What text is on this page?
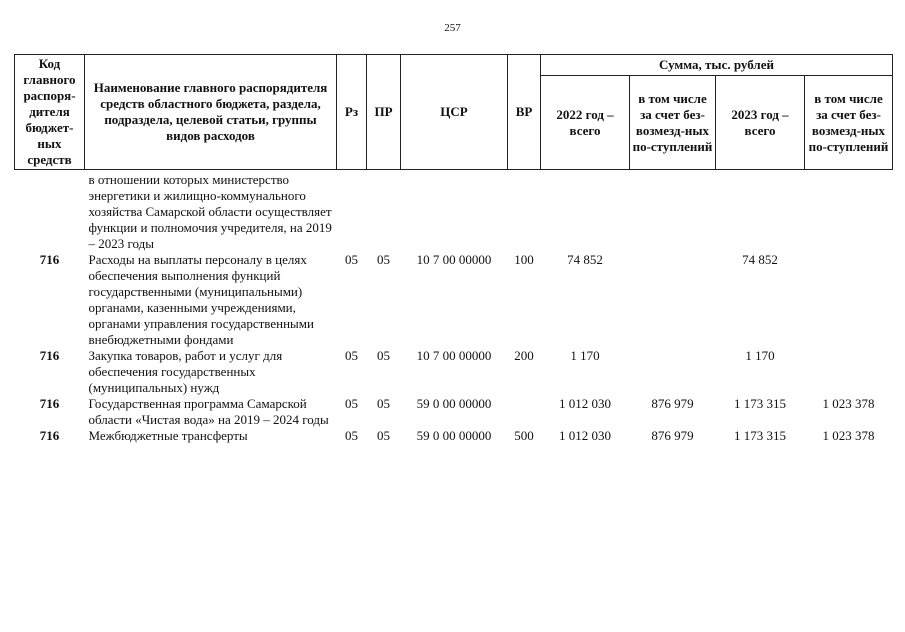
257
Код главного распоря-дителя бюджет-ных средств	Наименование главного распорядителя средств областного бюджета, раздела, подраздела, целевой статьи, группы видов расходов	Рз	ПР	ЦСР	ВР	Сумма, тыс. рублей			
						2022 год – всего	в том числе за счет без-возмезд-ных по-ступлений	2023 год – всего	в том числе за счет без-возмезд-ных по-ступлений
	в отношении которых министерство энергетики и жилищно-коммунального хозяйства Самарской области осуществляет функции и полномочия учредителя, на 2019 – 2023 годы								
716	Расходы на выплаты персоналу в целях обеспечения выполнения функций государственными (муниципальными) органами, казенными учреждениями, органами управления государственными внебюджетными фондами	05	05	10 7 00 00000	100	74 852		74 852	
716	Закупка товаров, работ и услуг для обеспечения государственных (муниципальных) нужд	05	05	10 7 00 00000	200	1 170		1 170	
716	Государственная программа Самарской области «Чистая вода» на 2019 – 2024 годы	05	05	59 0 00 00000		1 012 030	876 979	1 173 315	1 023 378
716	Межбюджетные трансферты	05	05	59 0 00 00000	500	1 012 030	876 979	1 173 315	1 023 378
